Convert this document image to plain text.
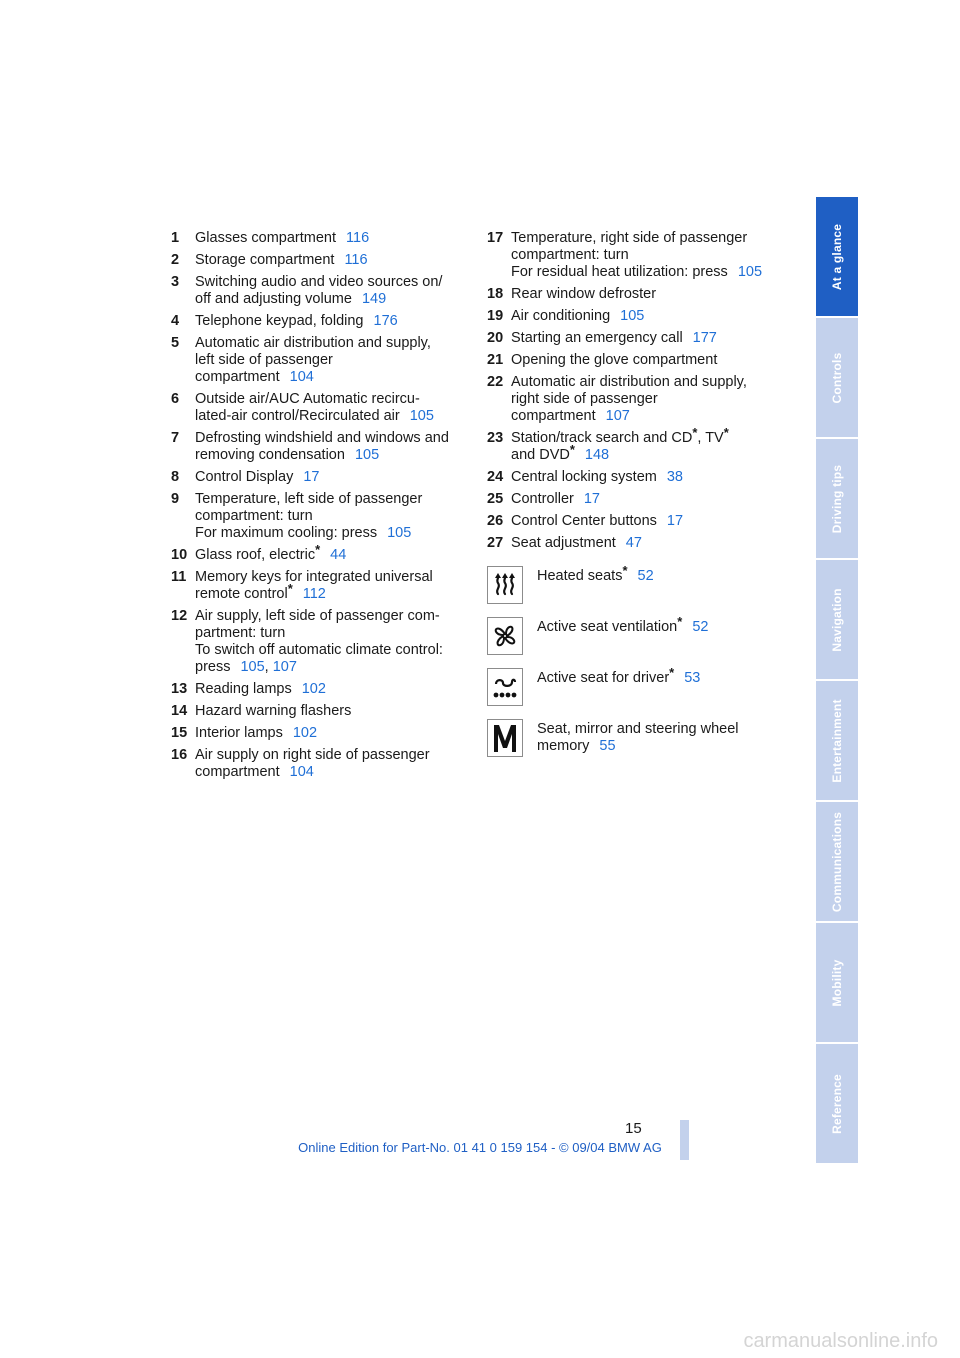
1	Glasses compartment 116
2	Storage compartment 116
3	Switching audio and video sources on/
off and adjusting volume 149
4	Telephone keypad, folding 176
5	Automatic air distribution and supply,
left side of passenger
compartment 104
6	Outside air/AUC Automatic recircu-
lated-air control/Recirculated air 105
7	Defrosting windshield and windows and
removing condensation 105
8	Control Display 17
9	Temperature, left side of passenger
compartment: turn
For maximum cooling: press 105
10 Glass roof, electric* 44
11 Memory keys for integrated universal
remote control* 112
12 Air supply, left side of passenger com-
partment: turn
To switch off automatic climate control:
press 105, 107
13 Reading lamps 102
14 Hazard warning flashers
15 Interior lamps 102
16 Air supply on right side of passenger
compartment 104
17 Temperature, right side of passenger
compartment: turn
For residual heat utilization: press 105
18 Rear window defroster
19 Air conditioning 105
20 Starting an emergency call 177
21 Opening the glove compartment
22 Automatic air distribution and supply,
right side of passenger
compartment 107
23 Station/track search and CD*, TV*
and DVD* 148
24 Central locking system 38
25 Controller 17
26 Control Center buttons 17
27 Seat adjustment 47
Heated seats* 52
Active seat ventilation* 52
Active seat for driver* 53
Seat, mirror and steering wheel
memory 55
At a glance
Controls
Driving tips
Navigation
Entertainment
Communications
Mobility
Reference
15
Online Edition for Part-No. 01 41 0 159 154 - © 09/04 BMW AG
carmanualsonline.info
